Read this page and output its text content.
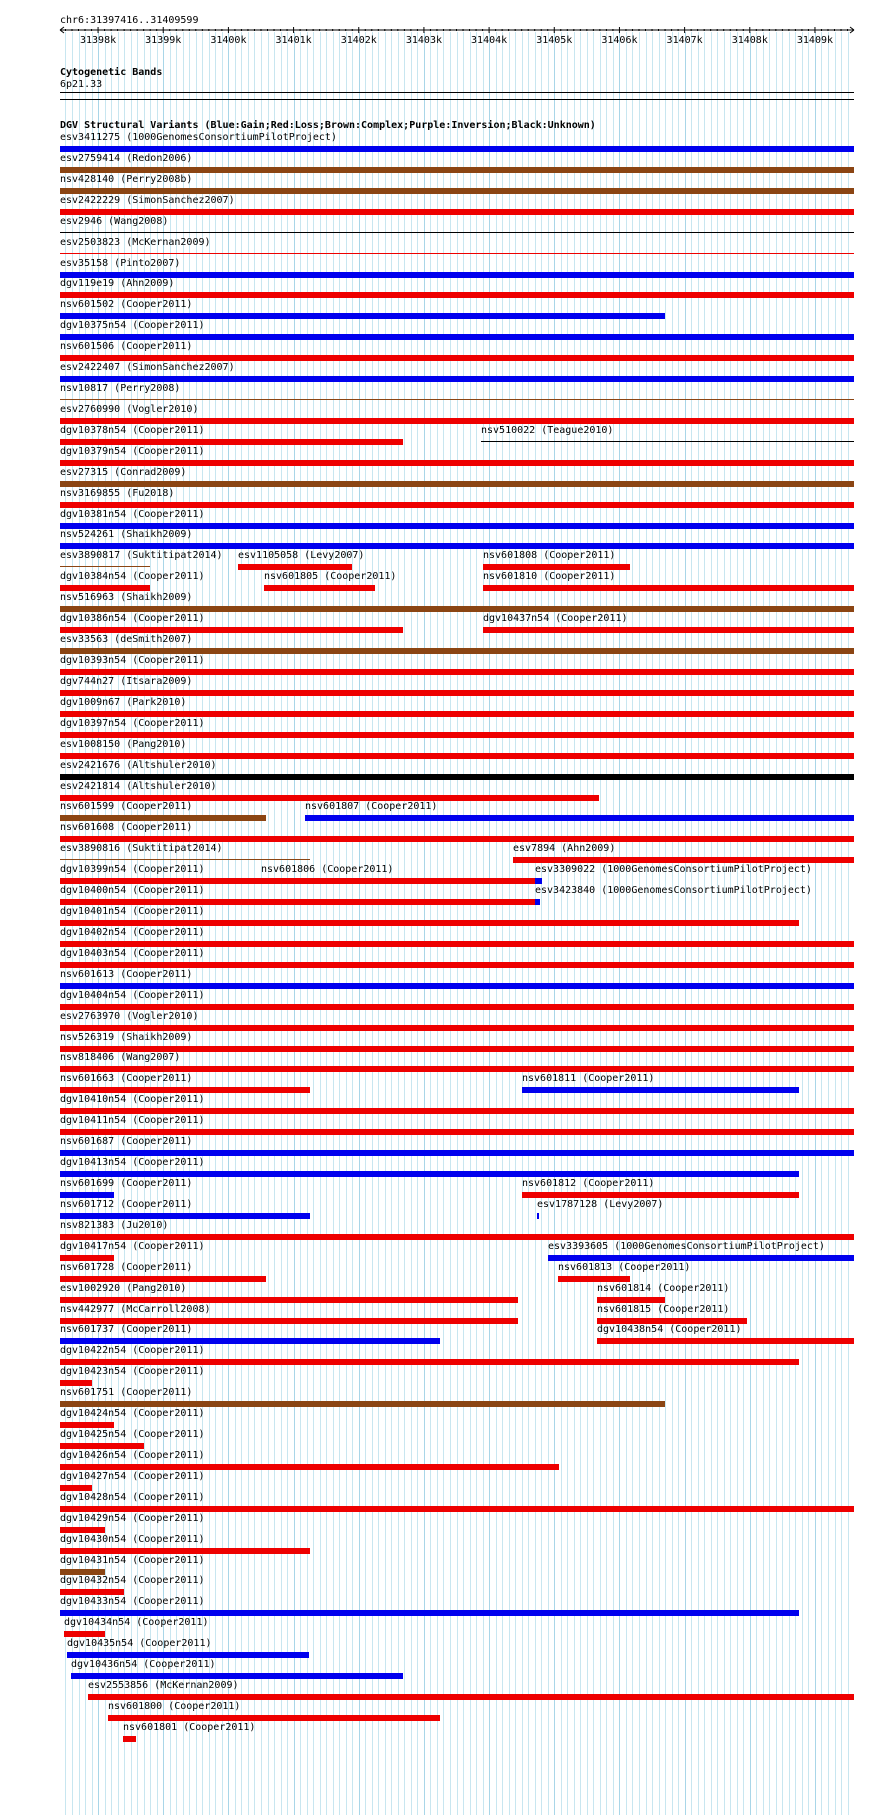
chr6:31397416..31409599
31398k	31399k	31400k	31401k	31402k	31403k	31404k	31405k	31406k	31407k	31408k	31409k
Cytogenetic Bands
6p21.33
DGV Structural Variants (Blue:Gain;Red:Loss;Brown:Complex;Purple:Inversion;Black:Unknown)
esv3411275 (1000GenomesConsortiumPilotProject)
esv2759414 (Redon2006)
nsv428140 (Perry2008b)
esv2422229 (SimonSanchez2007)
esv2946 (Wang2008)
esv2503823 (McKernan2009)
esv35158 (Pinto2007)
dgv119e19 (Ahn2009)
nsv601502 (Cooper2011)
dgv10375n54 (Cooper2011)
nsv601506 (Cooper2011)
esv2422407 (SimonSanchez2007)
nsv10817 (Perry2008)
esv2760990 (Vogler2010)
dgv10378n54 (Cooper2011)	nsv510022 (Teague2010)
dgv10379n54 (Cooper2011)
esv27315 (Conrad2009)
nsv3169855 (Fu2018)
dgv10381n54 (Cooper2011)
nsv524261 (Shaikh2009)
esv3890817 (Suktitipat2014) esv1105058 (Levy2007)	nsv601808 (Cooper2011)
dgv10384n54 (Cooper2011)	nsv601805 (Cooper2011)	nsv601810 (Cooper2011)
nsv516963 (Shaikh2009)
dgv10386n54 (Cooper2011)	dgv10437n54 (Cooper2011)
esv33563 (deSmith2007)
dgv10393n54 (Cooper2011)
dgv744n27 (Itsara2009)
dgv1009n67 (Park2010)
dgv10397n54 (Cooper2011)
esv1008150 (Pang2010)
esv2421676 (Altshuler2010)
esv2421814 (Altshuler2010)
nsv601599 (Cooper2011)	nsv601807 (Cooper2011)
nsv601608 (Cooper2011)
esv3890816 (Suktitipat2014)	esv7894 (Ahn2009)
dgv10399n54 (Cooper2011)	nsv601806 (Cooper2011)	esv3309022 (1000GenomesConsortiumPilotProject)
dgv10400n54 (Cooper2011)	esv3423840 (1000GenomesConsortiumPilotProject)
dgv10401n54 (Cooper2011)
dgv10402n54 (Cooper2011)
dgv10403n54 (Cooper2011)
nsv601613 (Cooper2011)
dgv10404n54 (Cooper2011)
esv2763970 (Vogler2010)
nsv526319 (Shaikh2009)
nsv818406 (Wang2007)
nsv601663 (Cooper2011)	nsv601811 (Cooper2011)
dgv10410n54 (Cooper2011)
dgv10411n54 (Cooper2011)
nsv601687 (Cooper2011)
dgv10413n54 (Cooper2011)
nsv601699 (Cooper2011)	nsv601812 (Cooper2011)
nsv601712 (Cooper2011)	esv1787128 (Levy2007)
nsv821383 (Ju2010)
dgv10417n54 (Cooper2011)	esv3393605 (1000GenomesConsortiumPilotProject)
nsv601728 (Cooper2011)	nsv601813 (Cooper2011)
esv1002920 (Pang2010)	nsv601814 (Cooper2011)
nsv442977 (McCarroll2008)	nsv601815 (Cooper2011)
nsv601737 (Cooper2011)	dgv10438n54 (Cooper2011)
dgv10422n54 (Cooper2011)
dgv10423n54 (Cooper2011)
nsv601751 (Cooper2011)
dgv10424n54 (Cooper2011)
dgv10425n54 (Cooper2011)
dgv10426n54 (Cooper2011)
dgv10427n54 (Cooper2011)
dgv10428n54 (Cooper2011)
dgv10429n54 (Cooper2011)
dgv10430n54 (Cooper2011)
dgv10431n54 (Cooper2011)
dgv10432n54 (Cooper2011)
dgv10433n54 (Cooper2011)
dgv10434n54 (Cooper2011)
dgv10435n54 (Cooper2011)
dgv10436n54 (Cooper2011)
esv2553856 (McKernan2009)
nsv601800 (Cooper2011)
nsv601801 (Cooper2011)
